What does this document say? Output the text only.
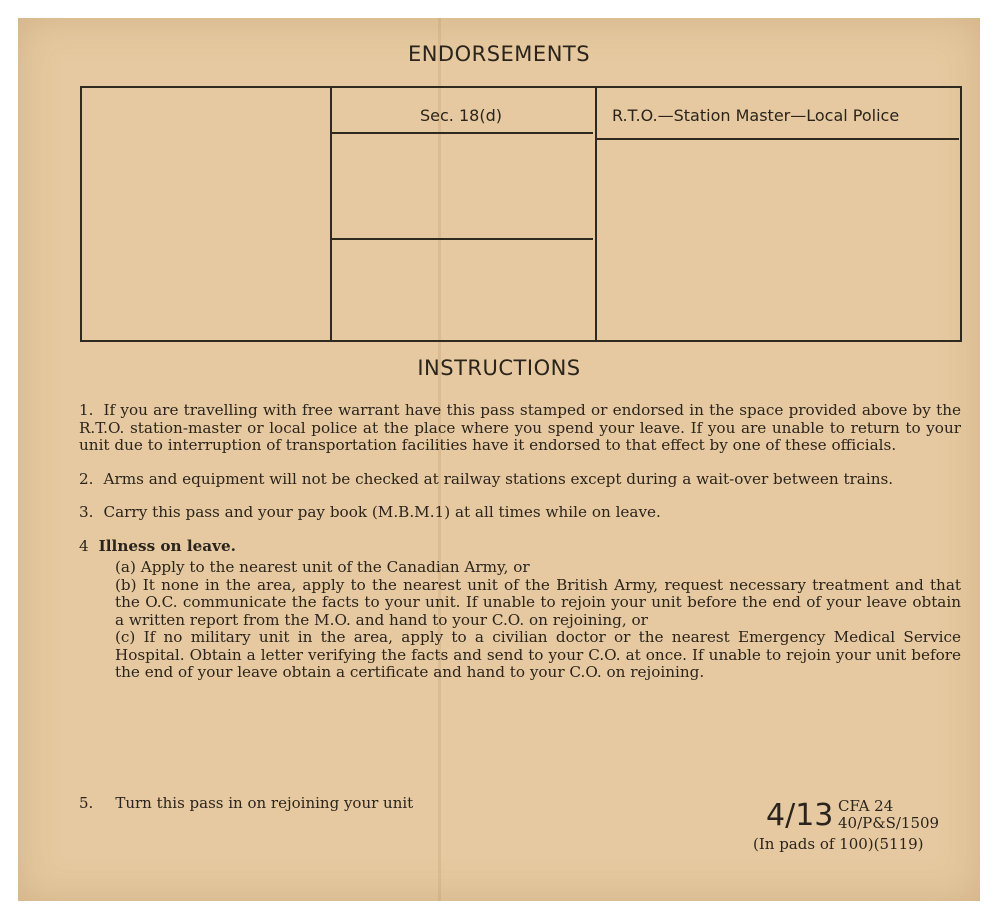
ENDORSEMENTS
Sec. 18(d)	R.T.O.—Station Master—Local Police
INSTRUCTIONS

1. If you are travelling with free warrant have this pass stamped or endorsed in the space provided above by the R.T.O. station-master or local police at the place where you spend your leave. If you are unable to return to your unit due to interruption of transportation facilities have it endorsed to that effect by one of these officials.

2. Arms and equipment will not be checked at railway stations except during a wait-over between trains.

3. Carry this pass and your pay book (M.B.M.1) at all times while on leave.

4 Illness on leave.

(a) Apply to the nearest unit of the Canadian Army, or
(b) It none in the area, apply to the nearest unit of the British Army, request necessary treatment and that the O.C. communicate the facts to your unit. If unable to rejoin your unit before the end of your leave obtain a written report from the M.O. and hand to your C.O. on rejoining, or
(c) If no military unit in the area, apply to a civilian doctor or the nearest Emergency Medical Service Hospital. Obtain a letter verifying the facts and send to your C.O. at once. If unable to rejoin your unit before the end of your leave obtain a certificate and hand to your C.O. on rejoining.
5. Turn this pass in on rejoining your unit	4/13 CFA 24
40/P&S/1509
(In pads of 100)(5119)
